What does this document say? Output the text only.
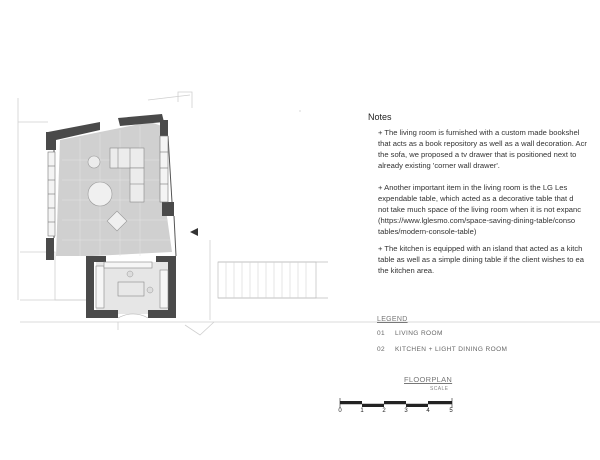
Notes
+ The living room is furnished with a custom made bookshel
that acts as a book repository as well as a wall decoration. Acr
the sofa, we proposed a tv drawer that is positioned next to
already existing 'corner wall drawer'.
+ Another important item in the living room is the LG Les
expendable table, which acted as a decorative table that d
not take much space of the living room when it is not expanc
(https://www.lglesmo.com/space-saving-dining-table/conso
tables/modern-console-table)
+ The kitchen is equipped with an island that acted as a kitch
table as well as a simple dining table if the client wishes to ea
the kitchen area.
LEGEND
01 LIVING ROOM
02 KITCHEN + LIGHT DINING ROOM
FLOORPLAN
SCALE
0	1	2	3	4	5
